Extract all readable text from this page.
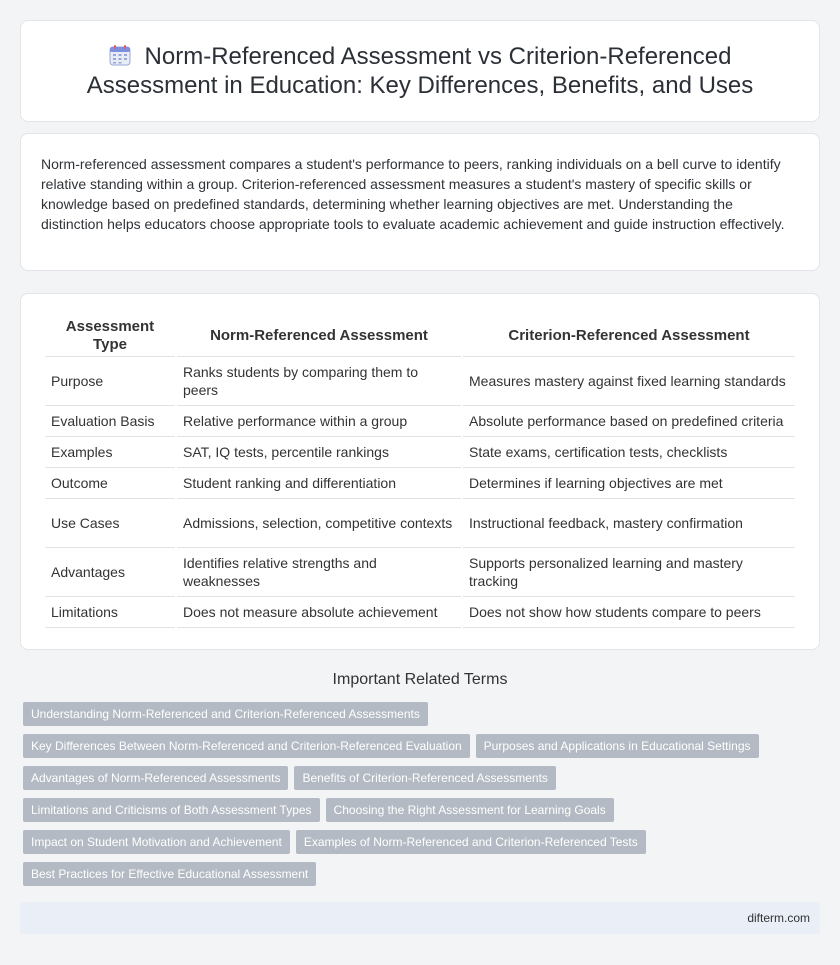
Norm-Referenced Assessment vs Criterion-Referenced Assessment in Education: Key Differences, Benefits, and Uses

Norm-referenced assessment compares a student's performance to peers, ranking individuals on a bell curve to identify relative standing within a group. Criterion-referenced assessment measures a student's mastery of specific skills or knowledge based on predefined standards, determining whether learning objectives are met. Understanding the distinction helps educators choose appropriate tools to evaluate academic achievement and guide instruction effectively.

Assessment Type	Norm-Referenced Assessment	Criterion-Referenced Assessment
Purpose	Ranks students by comparing them to peers	Measures mastery against fixed learning standards
Evaluation Basis	Relative performance within a group	Absolute performance based on predefined criteria
Examples	SAT, IQ tests, percentile rankings	State exams, certification tests, checklists
Outcome	Student ranking and differentiation	Determines if learning objectives are met
Use Cases	Admissions, selection, competitive contexts	Instructional feedback, mastery confirmation
Advantages	Identifies relative strengths and weaknesses	Supports personalized learning and mastery tracking
Limitations	Does not measure absolute achievement	Does not show how students compare to peers
Important Related Terms
Understanding Norm-Referenced and Criterion-Referenced Assessments
Key Differences Between Norm-Referenced and Criterion-Referenced Evaluation	Purposes and Applications in Educational Settings
Advantages of Norm-Referenced Assessments	Benefits of Criterion-Referenced Assessments
Limitations and Criticisms of Both Assessment Types	Choosing the Right Assessment for Learning Goals
Impact on Student Motivation and Achievement	Examples of Norm-Referenced and Criterion-Referenced Tests
Best Practices for Effective Educational Assessment
difterm.com
